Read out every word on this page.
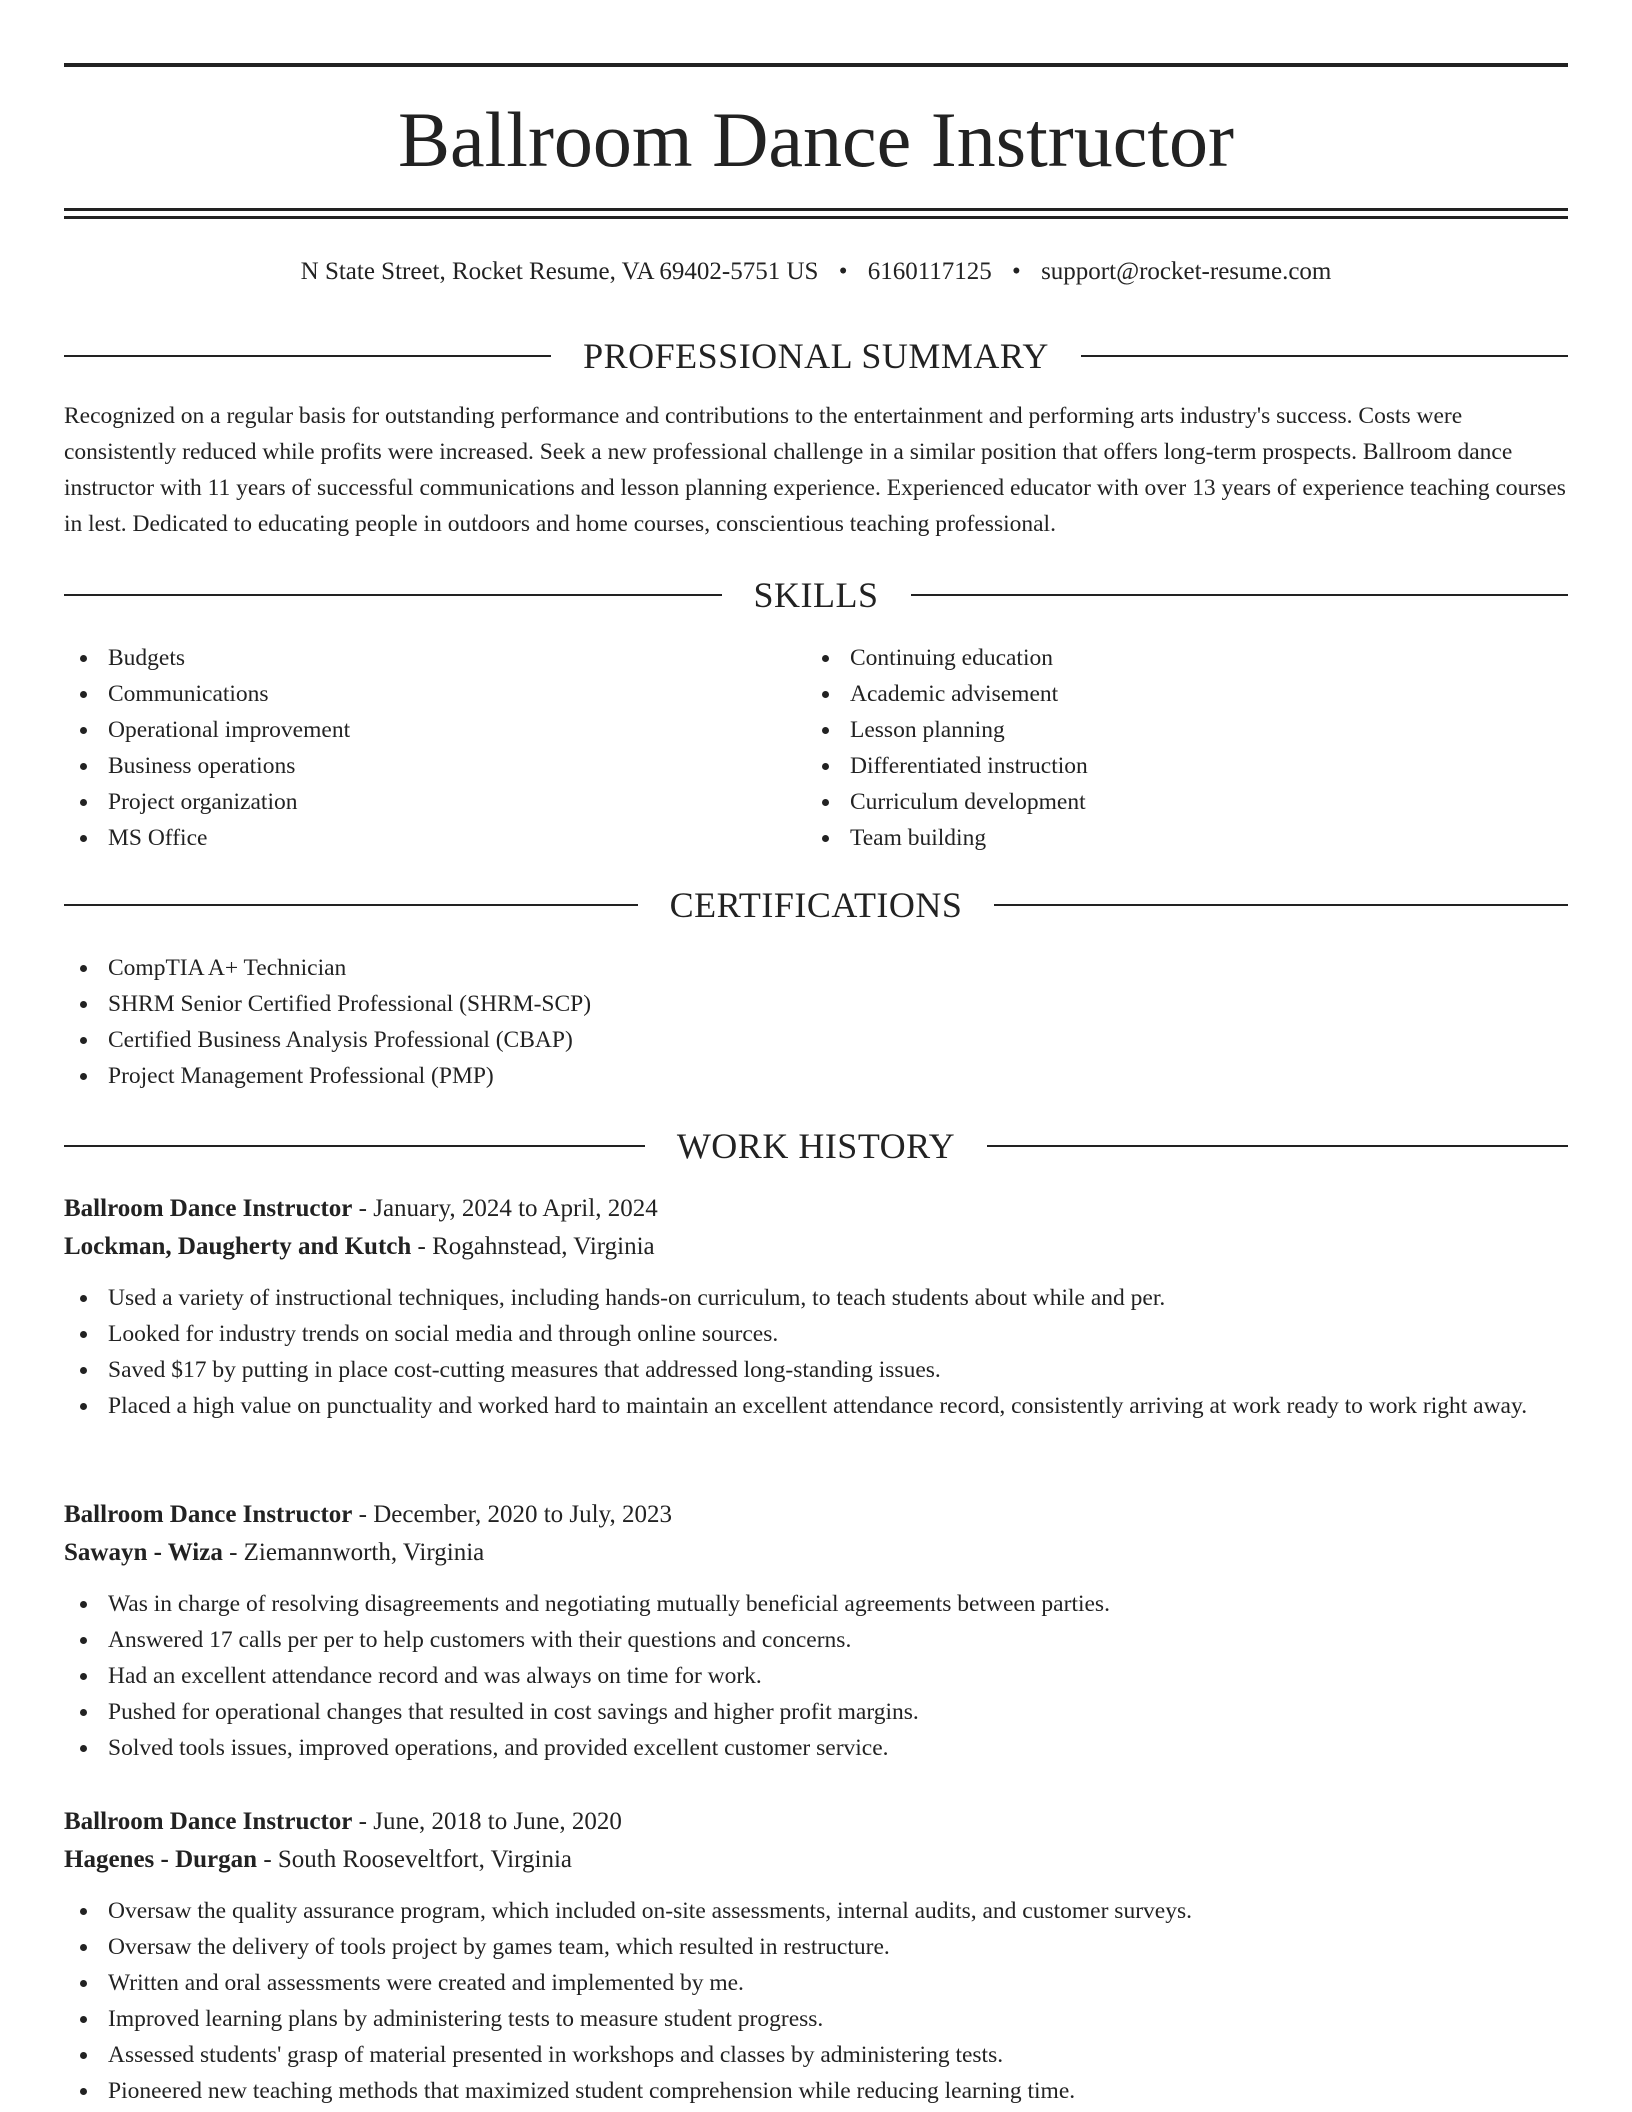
Ballroom Dance Instructor
N State Street, Rocket Resume, VA 69402-5751 US • 6160117125 • support@rocket-resume.com
PROFESSIONAL SUMMARY

Recognized on a regular basis for outstanding performance and contributions to the entertainment and performing arts industry's success. Costs were consistently reduced while profits were increased. Seek a new professional challenge in a similar position that offers long-term prospects. Ballroom dance instructor with 11 years of successful communications and lesson planning experience. Experienced educator with over 13 years of experience teaching courses in lest. Dedicated to educating people in outdoors and home courses, conscientious teaching professional.

SKILLS
Budgets
Communications
Operational improvement
Business operations
Project organization
MS Office
Continuing education
Academic advisement
Lesson planning
Differentiated instruction
Curriculum development
Team building
CERTIFICATIONS
CompTIA A+ Technician
SHRM Senior Certified Professional (SHRM-SCP)
Certified Business Analysis Professional (CBAP)
Project Management Professional (PMP)
WORK HISTORY
Ballroom Dance Instructor - January, 2024 to April, 2024
Lockman, Daugherty and Kutch - Rogahnstead, Virginia
Used a variety of instructional techniques, including hands-on curriculum, to teach students about while and per.
Looked for industry trends on social media and through online sources.
Saved $17 by putting in place cost-cutting measures that addressed long-standing issues.
Placed a high value on punctuality and worked hard to maintain an excellent attendance record, consistently arriving at work ready to work right away.
Ballroom Dance Instructor - December, 2020 to July, 2023
Sawayn - Wiza - Ziemannworth, Virginia
Was in charge of resolving disagreements and negotiating mutually beneficial agreements between parties.
Answered 17 calls per per to help customers with their questions and concerns.
Had an excellent attendance record and was always on time for work.
Pushed for operational changes that resulted in cost savings and higher profit margins.
Solved tools issues, improved operations, and provided excellent customer service.
Ballroom Dance Instructor - June, 2018 to June, 2020
Hagenes - Durgan - South Rooseveltfort, Virginia
Oversaw the quality assurance program, which included on-site assessments, internal audits, and customer surveys.
Oversaw the delivery of tools project by games team, which resulted in restructure.
Written and oral assessments were created and implemented by me.
Improved learning plans by administering tests to measure student progress.
Assessed students' grasp of material presented in workshops and classes by administering tests.
Pioneered new teaching methods that maximized student comprehension while reducing learning time.
